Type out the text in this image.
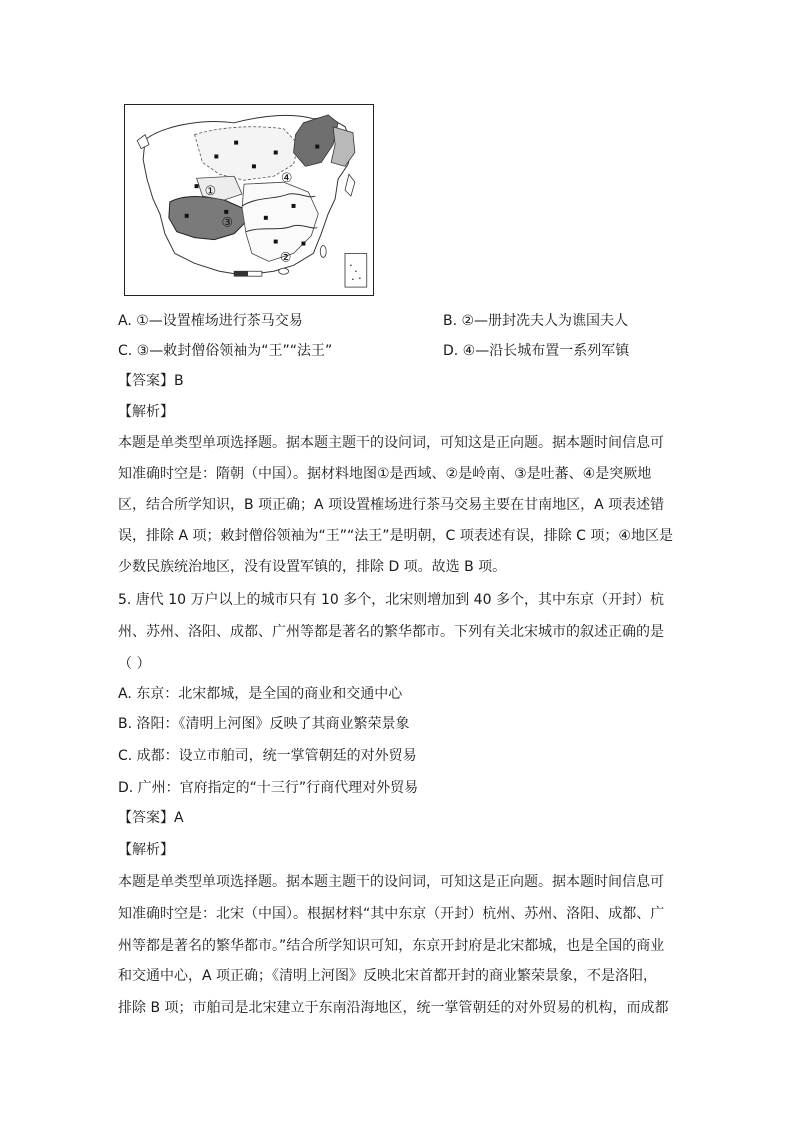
①
②
③
④
A. ①—设置榷场进行茶马交易	B. ②—册封冼夫人为谯国夫人
C. ③—敕封僧俗领袖为“王”“法王”	D. ④—沿长城布置一系列军镇
【答案】B
【解析】
本题是单类型单项选择题。据本题主题干的设问词，可知这是正向题。据本题时间信息可
知准确时空是：隋朝（中国）。据材料地图①是西域、②是岭南、③是吐蕃、④是突厥地
区，结合所学知识，B 项正确；A 项设置榷场进行茶马交易主要在甘南地区，A 项表述错
误，排除 A 项；敕封僧俗领袖为“王”“法王”是明朝，C 项表述有误，排除 C 项；④地区是
少数民族统治地区，没有设置军镇的，排除 D 项。故选 B 项。
5. 唐代 10 万户以上的城市只有 10 多个，北宋则增加到 40 多个，其中东京（开封）杭
州、苏州、洛阳、成都、广州等都是著名的繁华都市。下列有关北宋城市的叙述正确的是
（ ）
A. 东京：北宋都城，是全国的商业和交通中心
B. 洛阳：《清明上河图》反映了其商业繁荣景象
C. 成都：设立市舶司，统一掌管朝廷的对外贸易
D. 广州：官府指定的“十三行”行商代理对外贸易
【答案】A
【解析】
本题是单类型单项选择题。据本题主题干的设问词，可知这是正向题。据本题时间信息可
知准确时空是：北宋（中国）。根据材料“其中东京（开封）杭州、苏州、洛阳、成都、广
州等都是著名的繁华都市。”结合所学知识可知，东京开封府是北宋都城，也是全国的商业
和交通中心，A 项正确；《清明上河图》反映北宋首都开封的商业繁荣景象，不是洛阳，
排除 B 项；市舶司是北宋建立于东南沿海地区，统一掌管朝廷的对外贸易的机构，而成都
